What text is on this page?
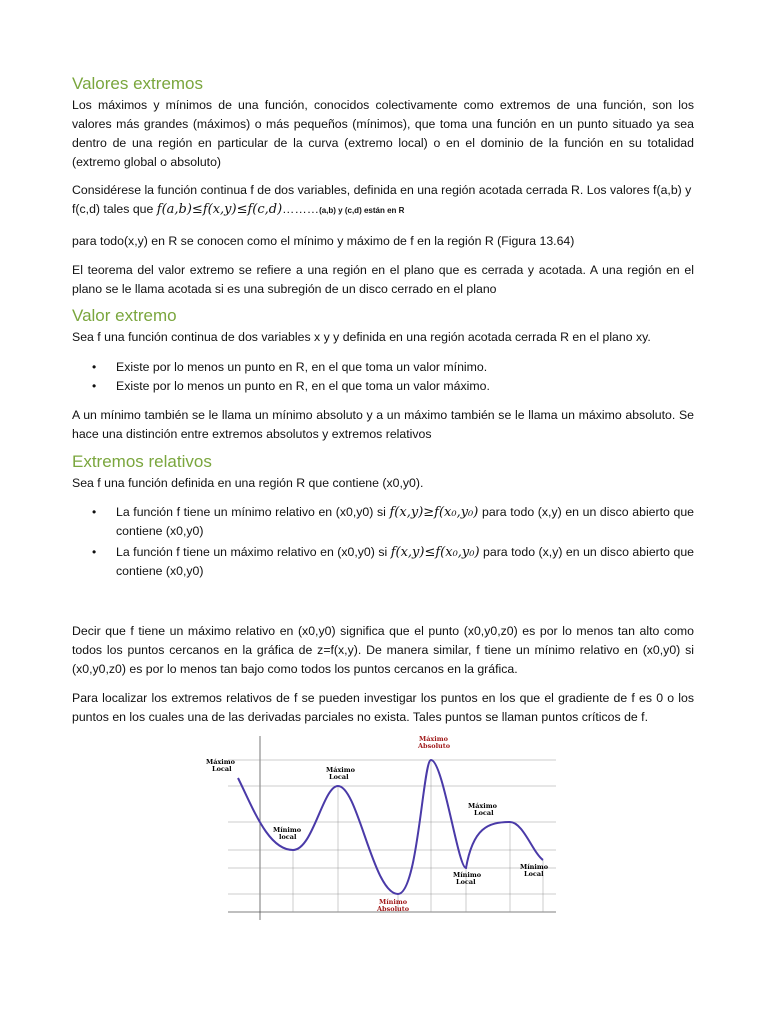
Valores extremos

Los máximos y mínimos de una función, conocidos colectivamente como extremos de una función, son los valores más grandes (máximos) o más pequeños (mínimos), que toma una función en un punto situado ya sea dentro de una región en particular de la curva (extremo local) o en el dominio de la función en su totalidad (extremo global o absoluto)

Considérese la función continua f de dos variables, definida en una región acotada cerrada R. Los valores f(a,b) y f(c,d) tales que f(a,b)≤f(x,y)≤f(c,d)………(a,b) y (c,d) están en R

para todo(x,y) en R se conocen como el mínimo y máximo de f en la región R (Figura 13.64)

El teorema del valor extremo se refiere a una región en el plano que es cerrada y acotada. A una región en el plano se le llama acotada si es una subregión de un disco cerrado en el plano

Valor extremo

Sea f una función continua de dos variables x y y definida en una región acotada cerrada R en el plano xy.

• Existe por lo menos un punto en R, en el que toma un valor mínimo.
• Existe por lo menos un punto en R, en el que toma un valor máximo.

A un mínimo también se le llama un mínimo absoluto y a un máximo también se le llama un máximo absoluto. Se hace una distinción entre extremos absolutos y extremos relativos

Extremos relativos

Sea f una función definida en una región R que contiene (x0,y0).

• La función f tiene un mínimo relativo en (x0,y0) si f(x,y)≥f(x₀,y₀) para todo (x,y) en un disco abierto que contiene (x0,y0)
• La función f tiene un máximo relativo en (x0,y0) si f(x,y)≤f(x₀,y₀) para todo (x,y) en un disco abierto que contiene (x0,y0)

Decir que f tiene un máximo relativo en (x0,y0) significa que el punto (x0,y0,z0) es por lo menos tan alto como todos los puntos cercanos en la gráfica de z=f(x,y). De manera similar, f tiene un mínimo relativo en (x0,y0) si (x0,y0,z0) es por lo menos tan bajo como todos los puntos cercanos en la gráfica.

Para localizar los extremos relativos de f se pueden investigar los puntos en los que el gradiente de f es 0 o los puntos en los cuales una de las derivadas parciales no exista. Tales puntos se llaman puntos críticos de f.

Máximo
Local	Máximo
Local
Máximo
Absoluto
Máximo
Local
Mínimo
local
Mínimo
Absoluto
Mínimo
Local
Mínimo
Local
